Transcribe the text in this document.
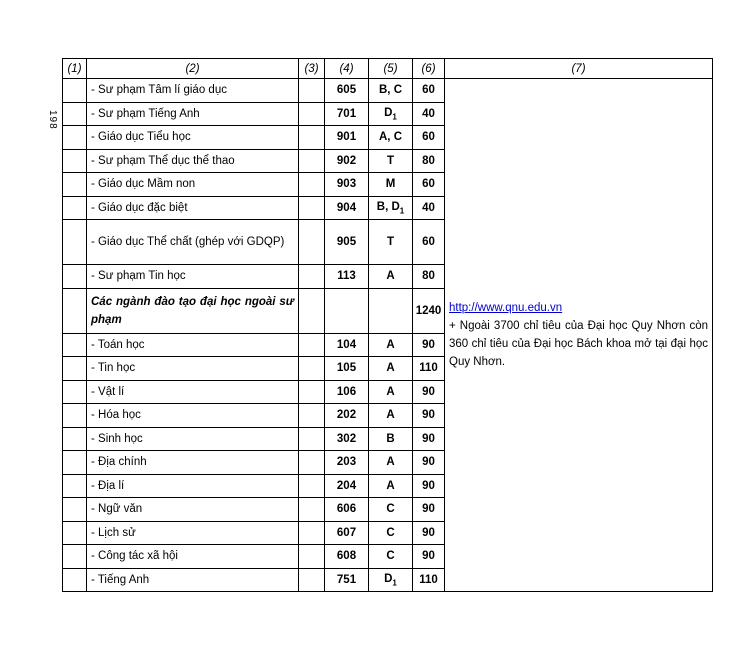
198
(1)	(2)	(3)	(4)	(5)	(6)	(7)
	- Sư phạm Tâm lí giáo dục		605	B, C	60	http://www.qnu.edu.vn
+ Ngoài 3700 chỉ tiêu của Đại học Quy Nhơn còn 360 chỉ tiêu của Đại học Bách khoa mở tại đại học Quy Nhơn.

	- Sư phạm Tiếng Anh		701	$D_1$	40	
	- Giáo dục Tiểu học		901	A, C	60	
	- Sư phạm Thể dục thể thao		902	T	80	
	- Giáo dục Mầm non		903	M	60	
	- Giáo dục đặc biệt		904	B, $D_1$	40	
	- Giáo dục Thể chất (ghép với GDQP)		905	T	60	
	- Sư phạm Tin học		113	A	80	
	Các ngành đào tạo đại học ngoài sư phạm				1240	
	- Toán học		104	A	90	
	- Tin học		105	A	110	
	- Vật lí		106	A	90	
	- Hóa học		202	A	90	
	- Sinh học		302	B	90	
	- Địa chính		203	A	90	
	- Địa lí		204	A	90	
	- Ngữ văn		606	C	90	
	- Lịch sử		607	C	90	
	- Công tác xã hội		608	C	90	
	- Tiếng Anh		751	$D_1$	110	
